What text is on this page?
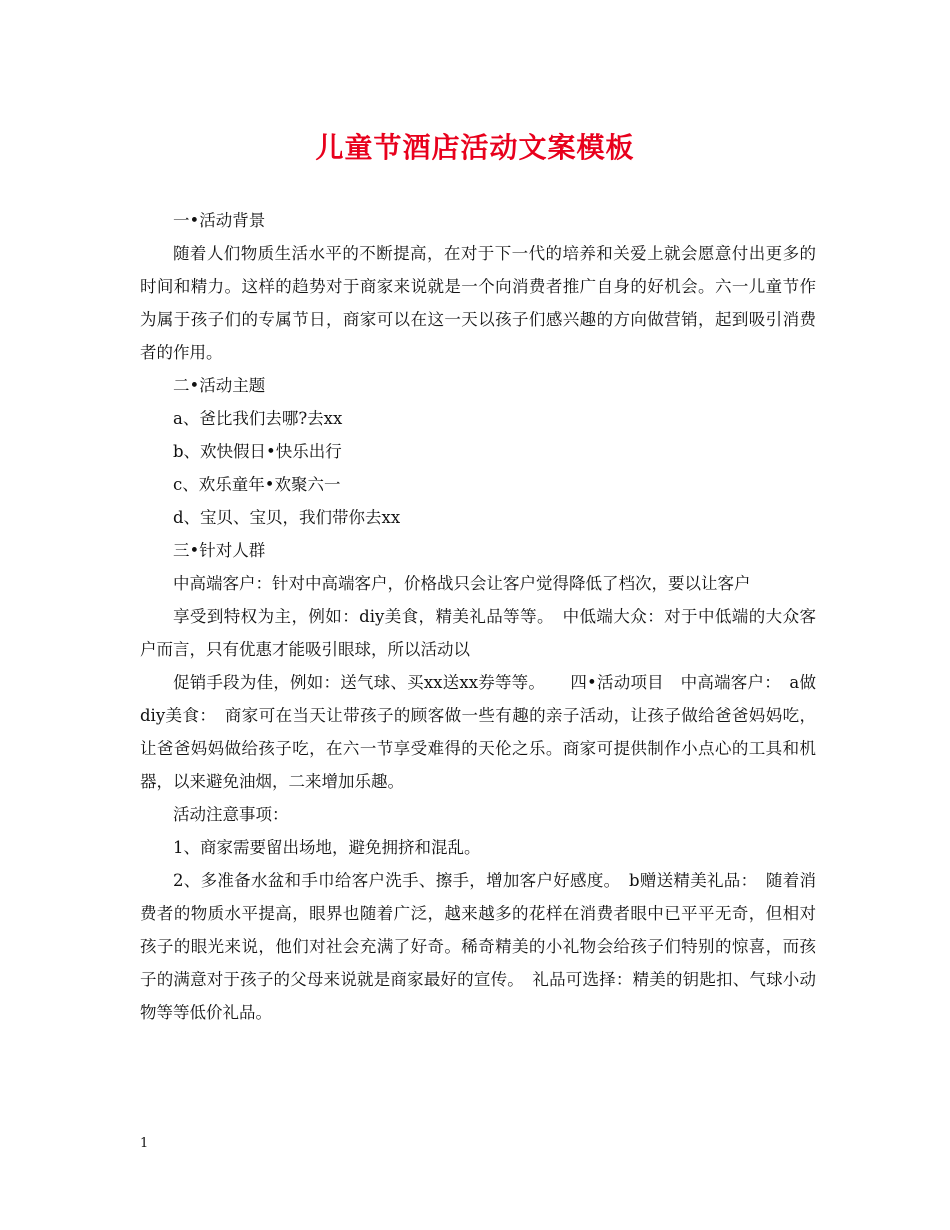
儿童节酒店活动文案模板

一•活动背景

随着人们物质生活水平的不断提高，在对于下一代的培养和关爱上就会愿意付出更多的时间和精力。这样的趋势对于商家来说就是一个向消费者推广自身的好机会。六一儿童节作为属于孩子们的专属节日，商家可以在这一天以孩子们感兴趣的方向做营销，起到吸引消费者的作用。

二•活动主题

a、爸比我们去哪?去xx

b、欢快假日•快乐出行

c、欢乐童年•欢聚六一

d、宝贝、宝贝，我们带你去xx

三•针对人群

中高端客户：针对中高端客户，价格战只会让客户觉得降低了档次，要以让客户

享受到特权为主，例如：diy美食，精美礼品等等。　中低端大众：对于中低端的大众客户而言，只有优惠才能吸引眼球，所以活动以

促销手段为佳，例如：送气球、买xx送xx券等等。　　四•活动项目　中高端客户：　a做diy美食：　商家可在当天让带孩子的顾客做一些有趣的亲子活动，让孩子做给爸爸妈妈吃，让爸爸妈妈做给孩子吃，在六一节享受难得的天伦之乐。商家可提供制作小点心的工具和机器，以来避免油烟，二来增加乐趣。

活动注意事项：

1、商家需要留出场地，避免拥挤和混乱。

2、多准备水盆和手巾给客户洗手、擦手，增加客户好感度。　b赠送精美礼品：　随着消费者的物质水平提高，眼界也随着广泛，越来越多的花样在消费者眼中已平平无奇，但相对孩子的眼光来说，他们对社会充满了好奇。稀奇精美的小礼物会给孩子们特别的惊喜，而孩子的满意对于孩子的父母来说就是商家最好的宣传。　礼品可选择：精美的钥匙扣、气球小动物等等低价礼品。

1
